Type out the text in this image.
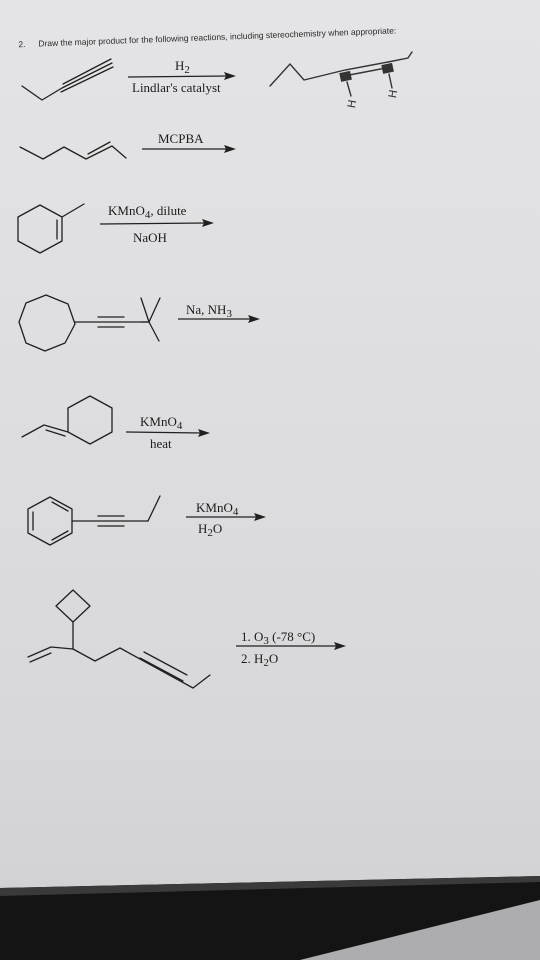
2. Draw the major product for the following reactions, including stereochemistry when appropriate:
$H_2$
Lindlar's catalyst
H
H
MCPBA
KMnO$_4$, dilute
NaOH
Na, $NH_3$
KMnO$_4$
heat
KMnO$_4$
$H_2O$
1. $O_3$ (-78 °C)
2. $H_2O$
